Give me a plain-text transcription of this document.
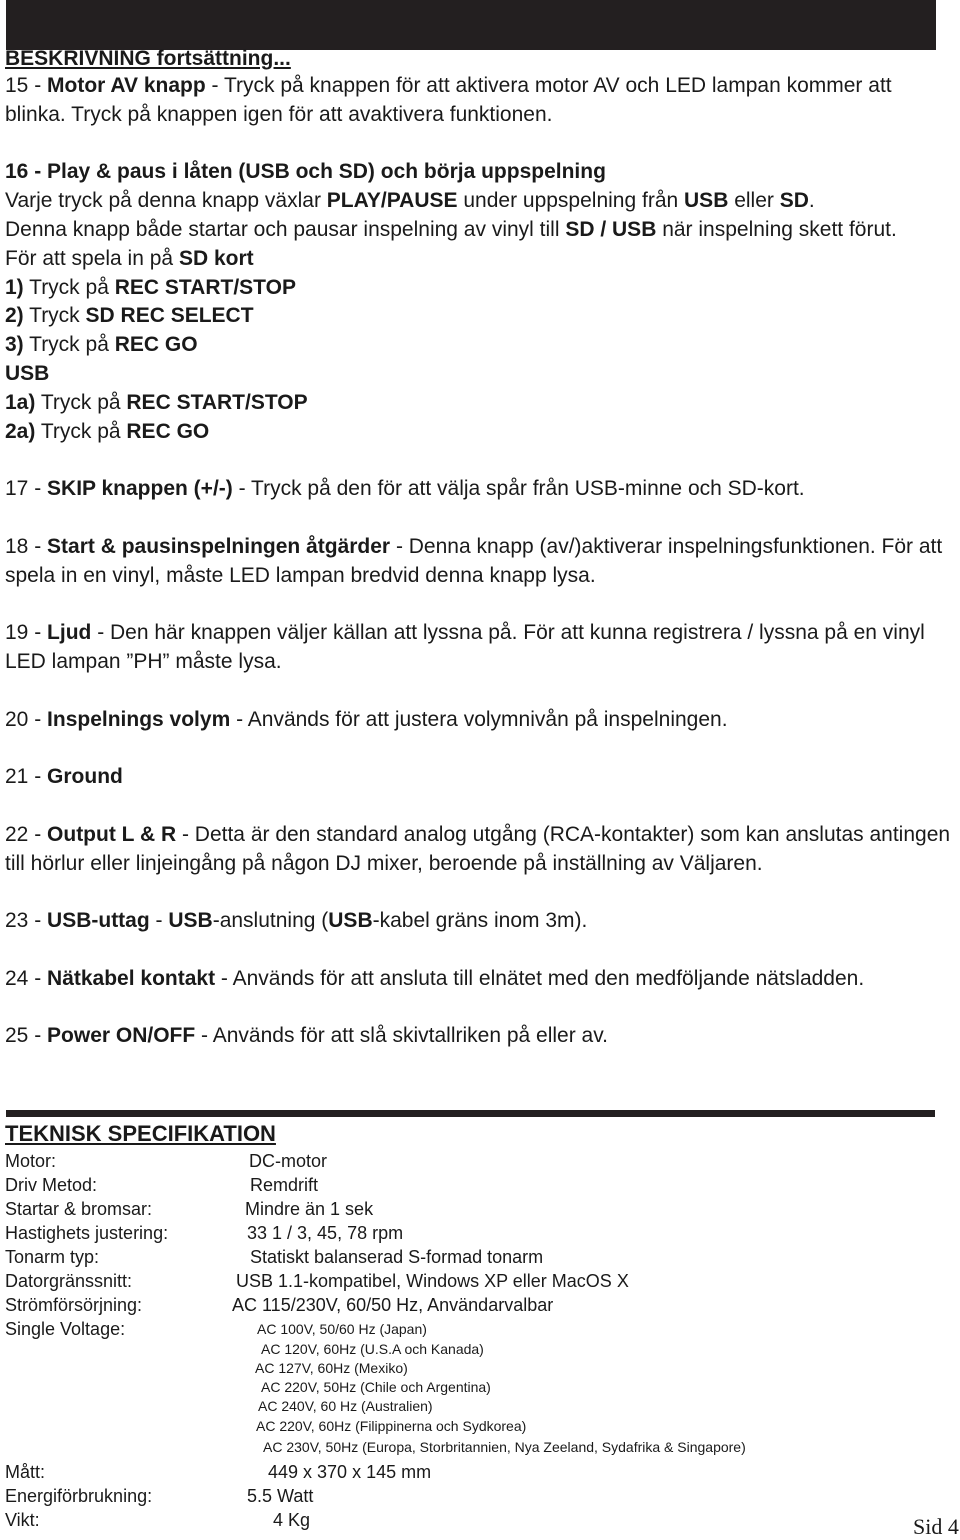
BESKRIVNING fortsättning...

15 - Motor AV knapp - Tryck på knappen för att aktivera motor AV och LED lampan kommer att blinka. Tryck på knappen igen för att avaktivera funktionen.

16 - Play & paus i låten (USB och SD) och börja uppspelning

Varje tryck på denna knapp växlar PLAY/PAUSE under uppspelning från USB eller SD.

Denna knapp både startar och pausar inspelning av vinyl till SD / USB när inspelning skett förut.

För att spela in på SD kort

1) Tryck på REC START/STOP

2) Tryck SD REC SELECT

3) Tryck på REC GO

USB

1a) Tryck på REC START/STOP

2a) Tryck på REC GO

17 - SKIP knappen (+/-) - Tryck på den för att välja spår från USB-minne och SD-kort.

18 - Start & pausinspelningen åtgärder - Denna knapp (av/)aktiverar inspelningsfunktionen. För att spela in en vinyl, måste LED lampan bredvid denna knapp lysa.

19 - Ljud - Den här knappen väljer källan att lyssna på. För att kunna registrera / lyssna på en vinyl LED lampan ”PH” måste lysa.

20 - Inspelnings volym - Används för att justera volymnivån på inspelningen.

21 - Ground

22 - Output L & R - Detta är den standard analog utgång (RCA-kontakter) som kan anslutas antingen till hörlur eller linjeingång på någon DJ mixer, beroende på inställning av Väljaren.

23 - USB-uttag - USB-anslutning (USB-kabel gräns inom 3m).

24 - Nätkabel kontakt - Används för att ansluta till elnätet med den medföljande nätsladden.

25 - Power ON/OFF - Används för att slå skivtallriken på eller av.

TEKNISK SPECIFIKATION
Motor:	DC-motor
Driv Metod:	Remdrift
Startar & bromsar:	Mindre än 1 sek
Hastighets justering:	33 1 / 3, 45, 78 rpm
Tonarm typ:	Statiskt balanserad S-formad tonarm
Datorgränssnitt:	USB 1.1-kompatibel, Windows XP eller MacOS X
Strömförsörjning:	AC 115/230V, 60/50 Hz, Användarvalbar
Single Voltage:	AC 100V, 50/60 Hz (Japan)
AC 120V, 60Hz (U.S.A och Kanada)
AC 127V, 60Hz (Mexiko)
AC 220V, 50Hz (Chile och Argentina)
AC 240V, 60 Hz (Australien)
AC 220V, 60Hz (Filippinerna och Sydkorea)
AC 230V, 50Hz (Europa, Storbritannien, Nya Zeeland, Sydafrika & Singapore)
Mått:	449 x 370 x 145 mm
Energiförbrukning:	5.5 Watt
Vikt:	4 Kg	Sid 4
